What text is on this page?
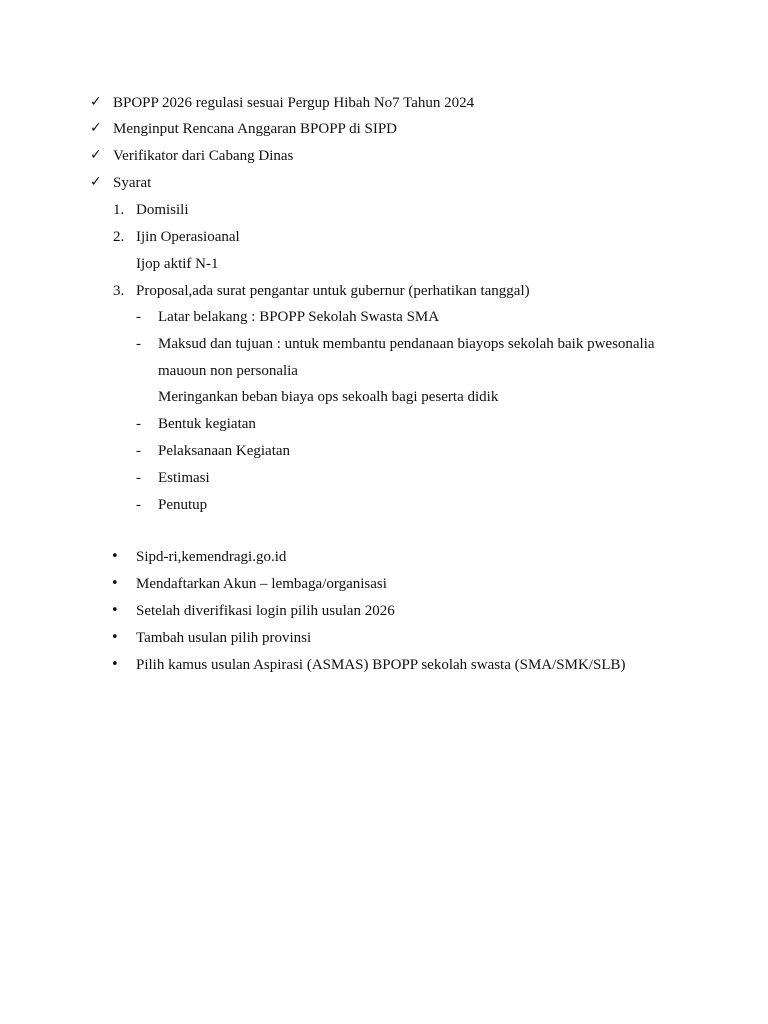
✓ BPOPP 2026 regulasi sesuai Pergup Hibah No7 Tahun 2024
✓ Menginput Rencana Anggaran BPOPP di SIPD
✓ Verifikator dari Cabang Dinas
✓ Syarat
1. Domisili
2. Ijin Operasioanal
Ijop aktif N-1
3. Proposal,ada surat pengantar untuk gubernur (perhatikan tanggal)
- Latar belakang : BPOPP Sekolah Swasta SMA
- Maksud dan tujuan : untuk membantu pendanaan biayops sekolah baik pwesonalia
mauoun non personalia
Meringankan beban biaya ops sekoalh bagi peserta didik
- Bentuk kegiatan
- Pelaksanaan Kegiatan
- Estimasi
- Penutup
• Sipd-ri,kemendragi.go.id
• Mendaftarkan Akun – lembaga/organisasi
• Setelah diverifikasi login pilih usulan 2026
• Tambah usulan pilih provinsi
• Pilih kamus usulan Aspirasi (ASMAS) BPOPP sekolah swasta (SMA/SMK/SLB)
